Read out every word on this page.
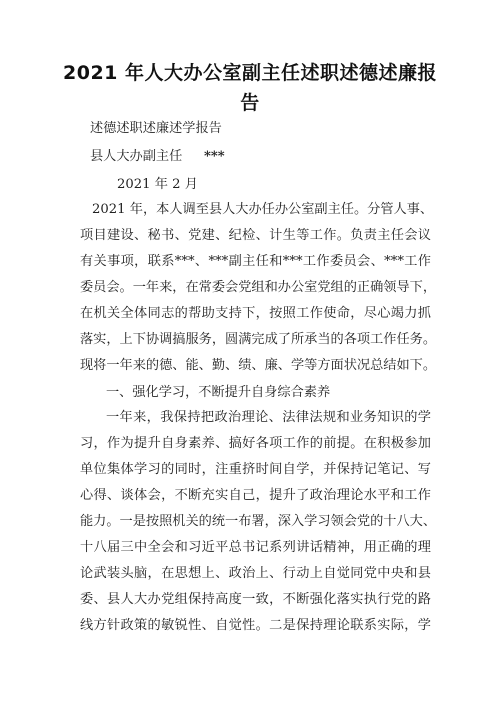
2021 年人大办公室副主任述职述德述廉报
告
述德述职述廉述学报告
县人大办副主任 ***
2021 年 2 月
2021 年，本人调至县人大办任办公室副主任。分管人事、
项目建设、秘书、党建、纪检、计生等工作。负责主任会议
有关事项，联系***、***副主任和***工作委员会、***工作
委员会。一年来，在常委会党组和办公室党组的正确领导下，
在机关全体同志的帮助支持下，按照工作使命，尽心竭力抓
落实，上下协调搞服务，圆满完成了所承当的各项工作任务。
现将一年来的德、能、勤、绩、廉、学等方面状况总结如下。
一、强化学习，不断提升自身综合素养
一年来，我保持把政治理论、法律法规和业务知识的学
习，作为提升自身素养、搞好各项工作的前提。在积极参加
单位集体学习的同时，注重挤时间自学，并保持记笔记、写
心得、谈体会，不断充实自己，提升了政治理论水平和工作
能力。一是按照机关的统一布署，深入学习领会党的十八大、
十八届三中全会和习近平总书记系列讲话精神，用正确的理
论武装头脑，在思想上、政治上、行动上自觉同党中央和县
委、县人大办党组保持高度一致，不断强化落实执行党的路
线方针政策的敏锐性、自觉性。二是保持理论联系实际，学
